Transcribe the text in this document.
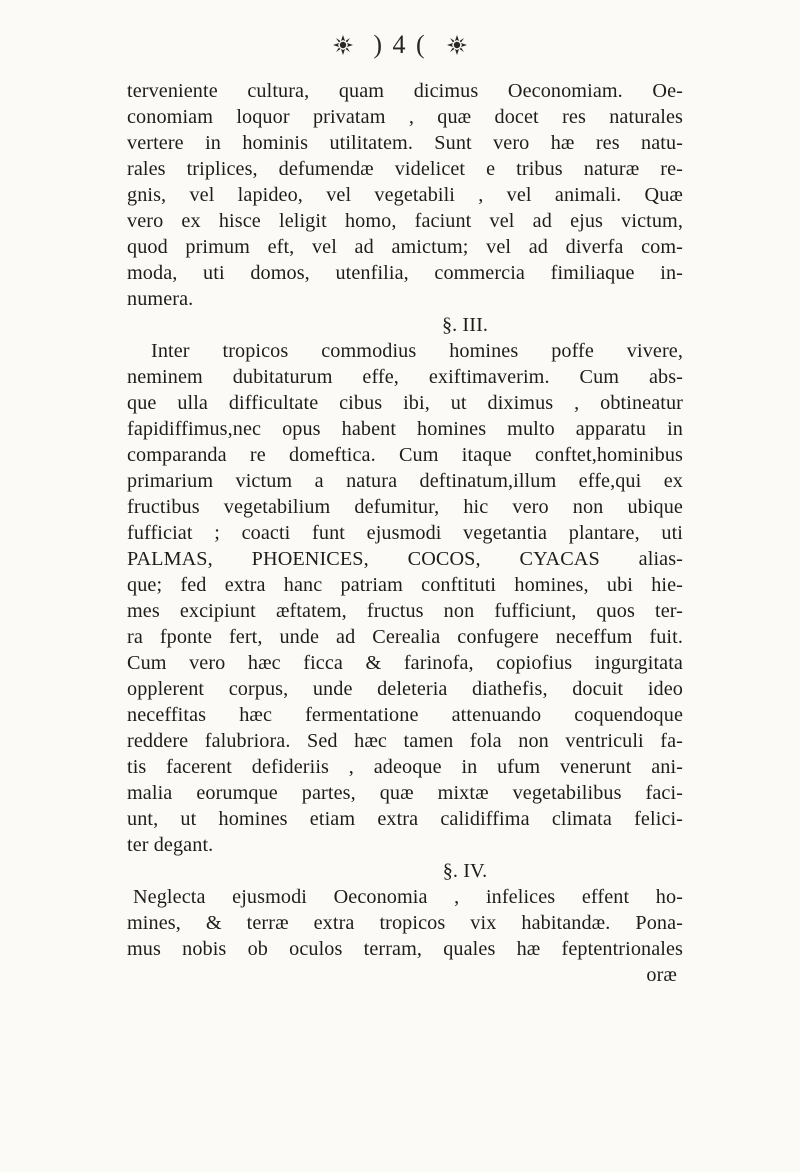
) 4 (
terveniente cultura, quam dicimus Oeconomiam. Oe-
conomiam loquor privatam , quæ docet res naturales
vertere in hominis utilitatem. Sunt vero hæ res natu-
rales triplices, defumendæ videlicet e tribus naturæ re-
gnis, vel lapideo, vel vegetabili , vel animali. Quæ
vero ex hisce leligit homo, faciunt vel ad ejus victum,
quod primum eft, vel ad amictum; vel ad diverfa com-
moda, uti domos, utenfilia, commercia fimiliaque in-
numera.
§. III.
Inter tropicos commodius homines poffe vivere,
neminem dubitaturum effe, exiftimaverim. Cum abs-
que ulla difficultate cibus ibi, ut diximus , obtineatur
fapidiffimus,nec opus habent homines multo apparatu in
comparanda re domeftica. Cum itaque conftet,hominibus
primarium victum a natura deftinatum,illum effe,qui ex
fructibus vegetabilium defumitur, hic vero non ubique
fufficiat ; coacti funt ejusmodi vegetantia plantare, uti
PALMAS, PHOENICES, COCOS, CYACAS alias-
que; fed extra hanc patriam conftituti homines, ubi hie-
mes excipiunt æftatem, fructus non fufficiunt, quos ter-
ra fponte fert, unde ad Cerealia confugere neceffum fuit.
Cum vero hæc ficca & farinofa, copiofius ingurgitata
opplerent corpus, unde deleteria diathefis, docuit ideo
neceffitas hæc fermentatione attenuando coquendoque
reddere falubriora. Sed hæc tamen fola non ventriculi fa-
tis facerent defideriis , adeoque in ufum venerunt ani-
malia eorumque partes, quæ mixtæ vegetabilibus faci-
unt, ut homines etiam extra calidiffima climata felici-
ter degant.
§. IV.
Neglecta ejusmodi Oeconomia , infelices effent ho-
mines, & terræ extra tropicos vix habitandæ. Pona-
mus nobis ob oculos terram, quales hæ feptentrionales
oræ
